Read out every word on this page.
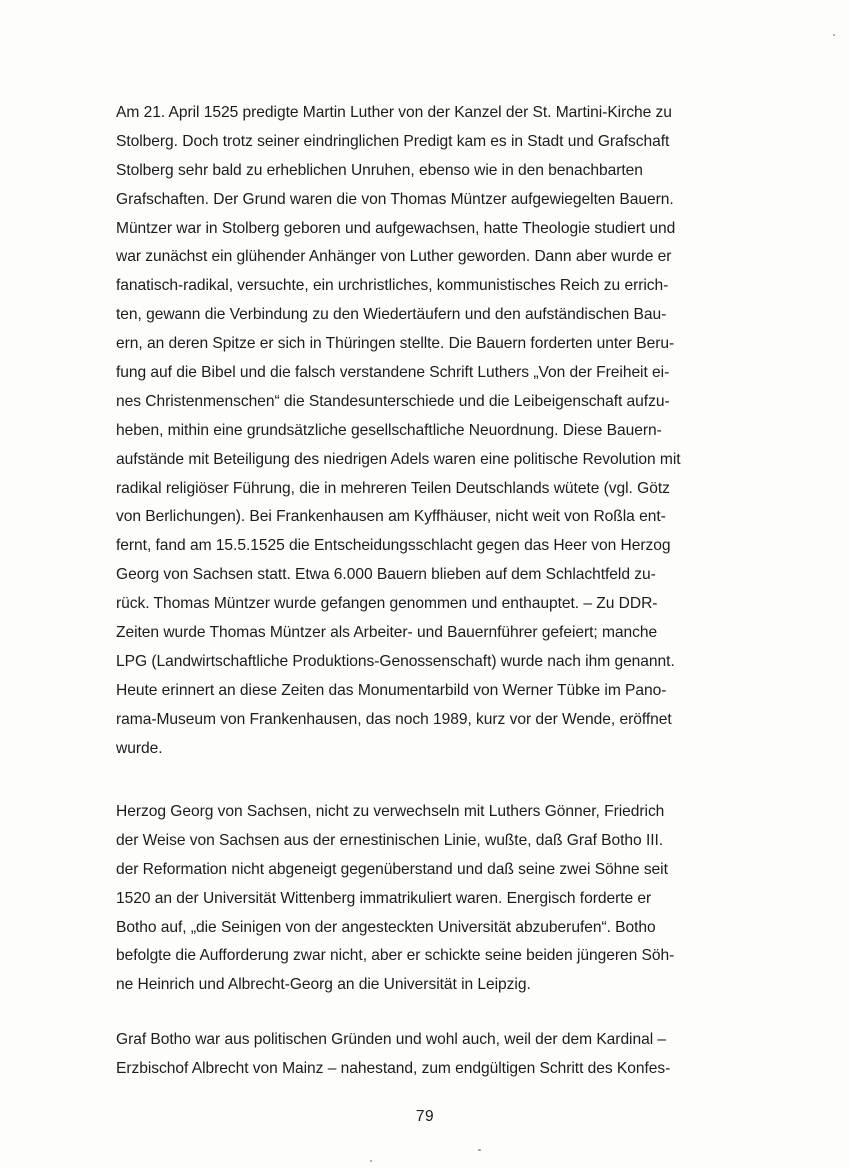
Am 21. April 1525 predigte Martin Luther von der Kanzel der St. Martini-Kirche zu
Stolberg. Doch trotz seiner eindringlichen Predigt kam es in Stadt und Grafschaft
Stolberg sehr bald zu erheblichen Unruhen, ebenso wie in den benachbarten
Grafschaften. Der Grund waren die von Thomas Müntzer aufgewiegelten Bauern.
Müntzer war in Stolberg geboren und aufgewachsen, hatte Theologie studiert und
war zunächst ein glühender Anhänger von Luther geworden. Dann aber wurde er
fanatisch-radikal, versuchte, ein urchristliches, kommunistisches Reich zu errich-
ten, gewann die Verbindung zu den Wiedertäufern und den aufständischen Bau-
ern, an deren Spitze er sich in Thüringen stellte. Die Bauern forderten unter Beru-
fung auf die Bibel und die falsch verstandene Schrift Luthers „Von der Freiheit ei-
nes Christenmenschen“ die Standesunterschiede und die Leibeigenschaft aufzu-
heben, mithin eine grundsätzliche gesellschaftliche Neuordnung. Diese Bauern-
aufstände mit Beteiligung des niedrigen Adels waren eine politische Revolution mit
radikal religiöser Führung, die in mehreren Teilen Deutschlands wütete (vgl. Götz
von Berlichungen). Bei Frankenhausen am Kyffhäuser, nicht weit von Roßla ent-
fernt, fand am 15.5.1525 die Entscheidungsschlacht gegen das Heer von Herzog
Georg von Sachsen statt. Etwa 6.000 Bauern blieben auf dem Schlachtfeld zu-
rück. Thomas Müntzer wurde gefangen genommen und enthauptet. – Zu DDR-
Zeiten wurde Thomas Müntzer als Arbeiter- und Bauernführer gefeiert; manche
LPG (Landwirtschaftliche Produktions-Genossenschaft) wurde nach ihm genannt.
Heute erinnert an diese Zeiten das Monumentarbild von Werner Tübke im Pano-
rama-Museum von Frankenhausen, das noch 1989, kurz vor der Wende, eröffnet
wurde.
Herzog Georg von Sachsen, nicht zu verwechseln mit Luthers Gönner, Friedrich
der Weise von Sachsen aus der ernestinischen Linie, wußte, daß Graf Botho III.
der Reformation nicht abgeneigt gegenüberstand und daß seine zwei Söhne seit
1520 an der Universität Wittenberg immatrikuliert waren. Energisch forderte er
Botho auf, „die Seinigen von der angesteckten Universität abzuberufen“. Botho
befolgte die Aufforderung zwar nicht, aber er schickte seine beiden jüngeren Söh-
ne Heinrich und Albrecht-Georg an die Universität in Leipzig.
Graf Botho war aus politischen Gründen und wohl auch, weil der dem Kardinal –
Erzbischof Albrecht von Mainz – nahestand, zum endgültigen Schritt des Konfes-
79
